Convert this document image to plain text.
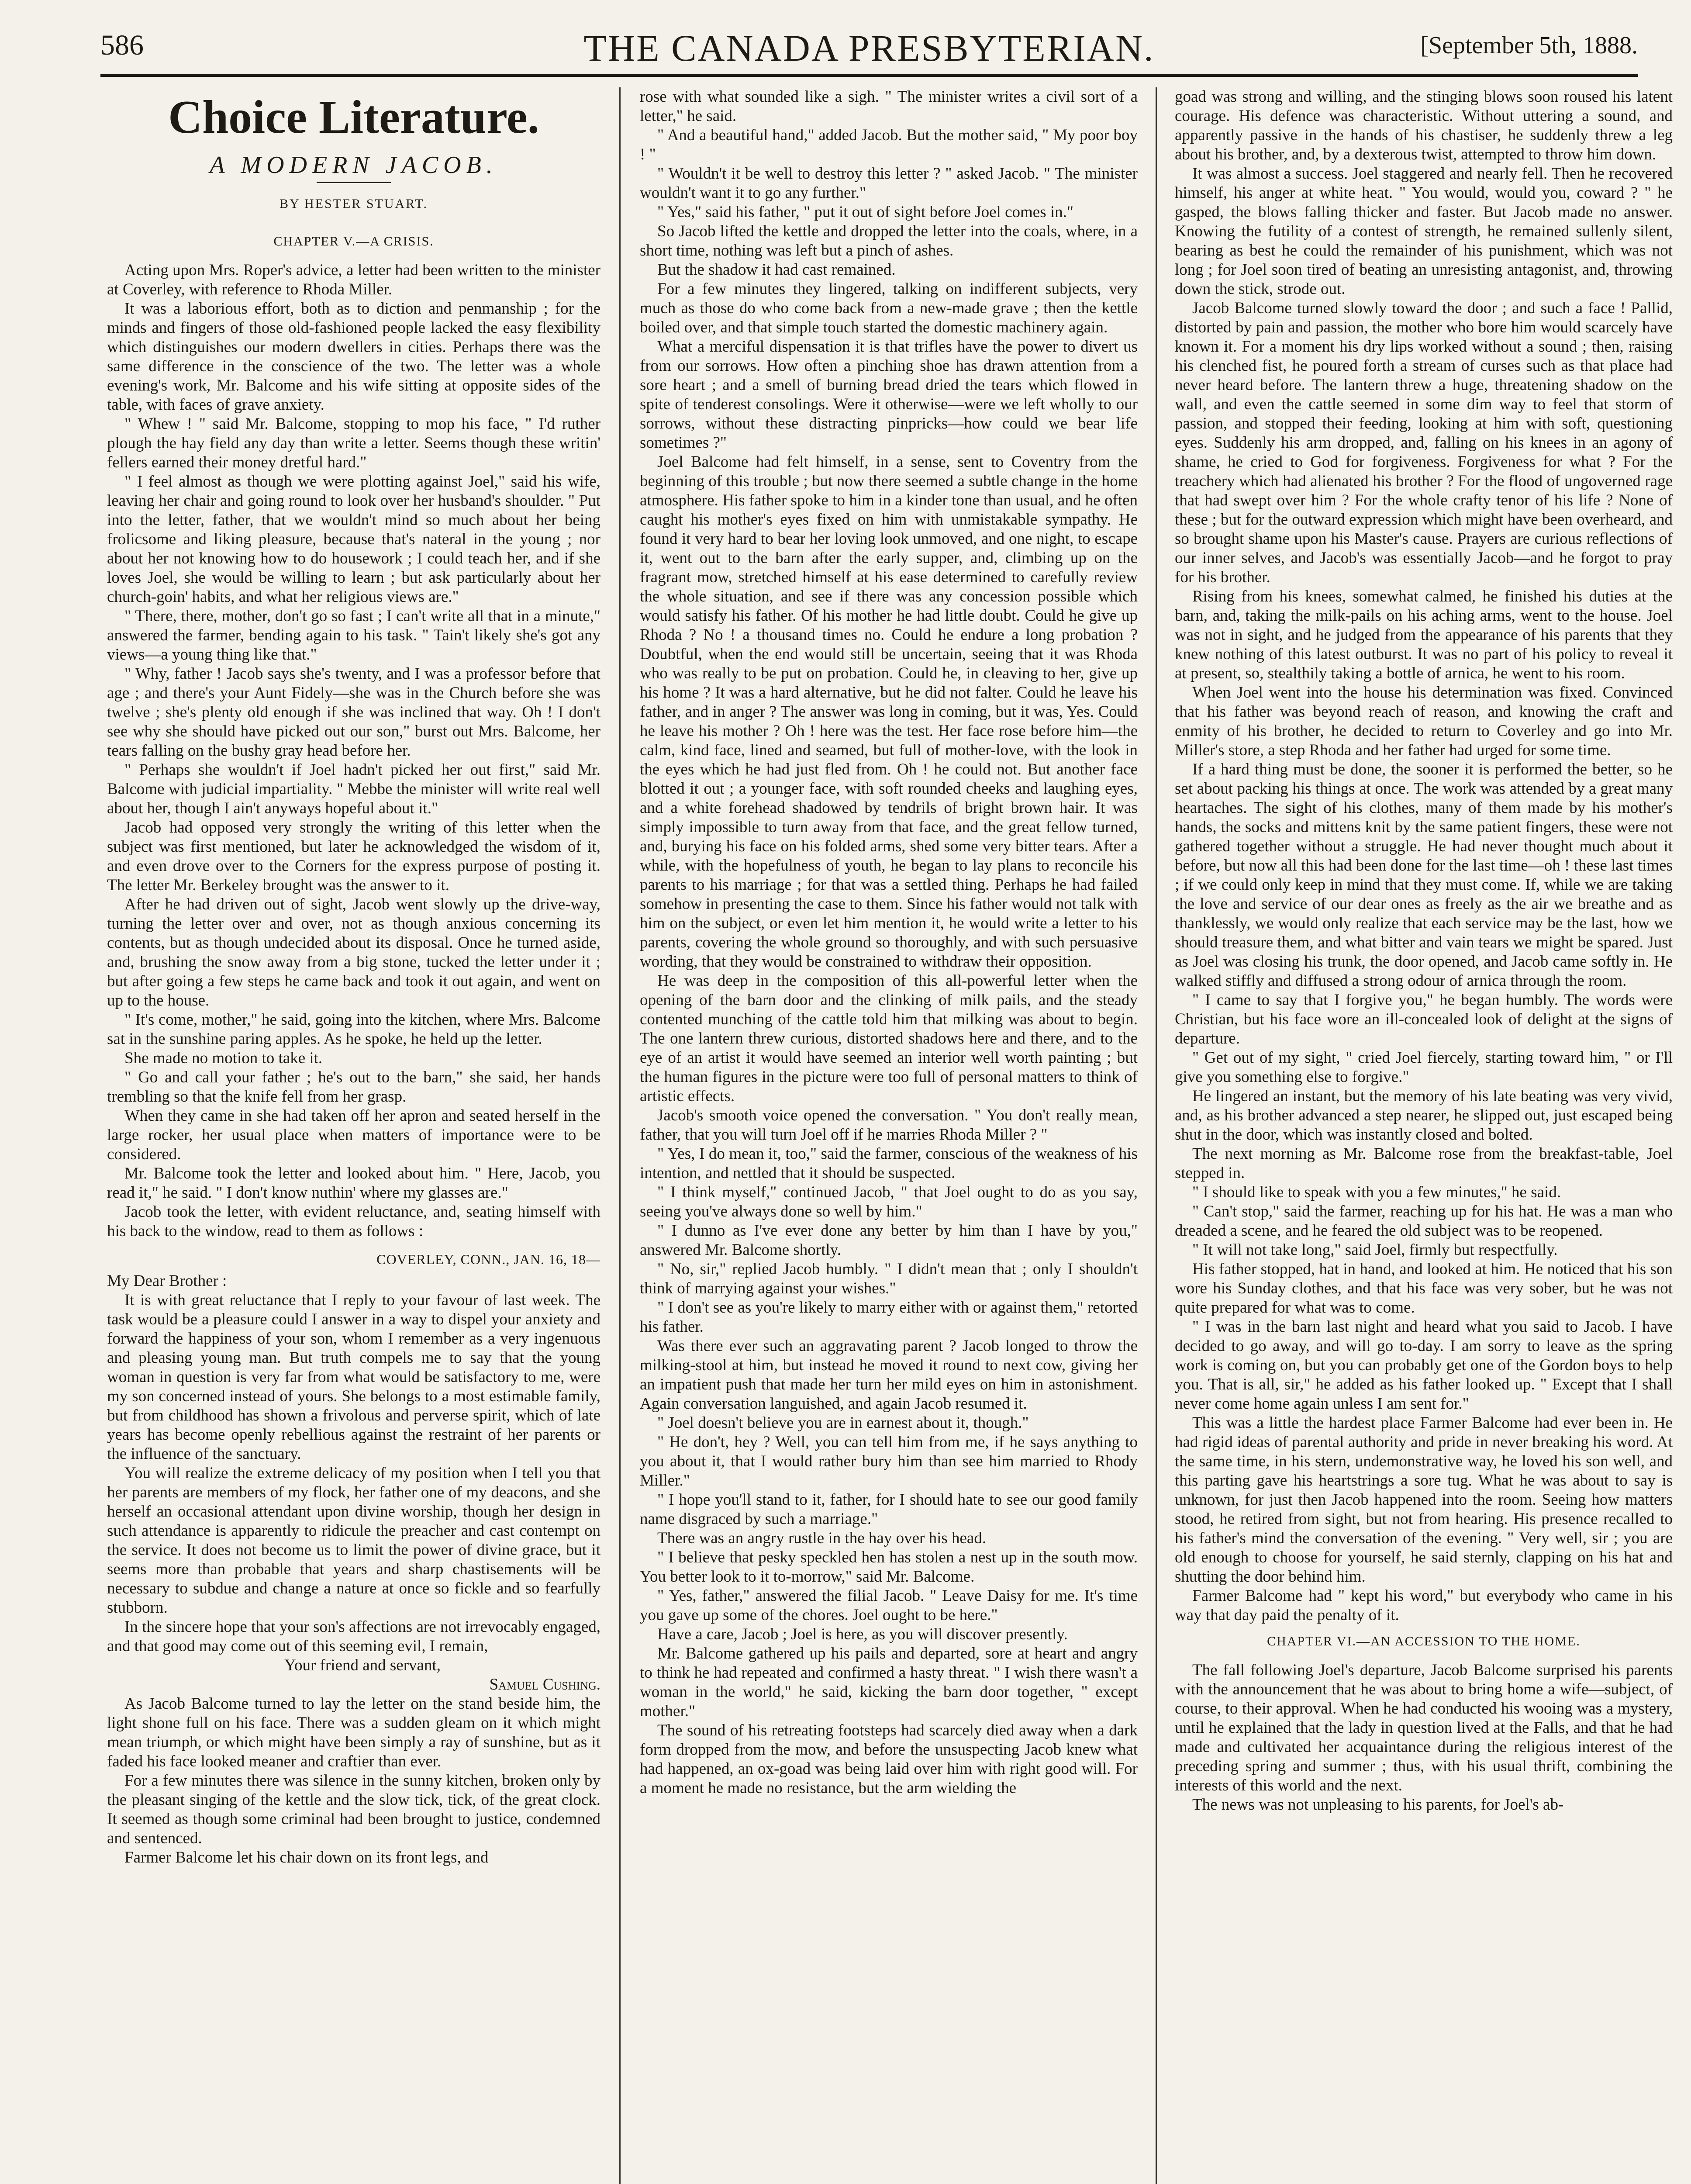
586	THE CANADA PRESBYTERIAN.	[September 5th, 1888.
Choice Literature.
A MODERN JACOB.
BY HESTER STUART.
CHAPTER V.—A CRISIS.

Acting upon Mrs. Roper's advice, a letter had been written to the minister at Coverley, with reference to Rhoda Miller.

It was a laborious effort, both as to diction and penmanship ; for the minds and fingers of those old-fashioned people lacked the easy flexibility which distinguishes our modern dwellers in cities. Perhaps there was the same difference in the conscience of the two. The letter was a whole evening's work, Mr. Balcome and his wife sitting at opposite sides of the table, with faces of grave anxiety.

" Whew ! " said Mr. Balcome, stopping to mop his face, " I'd ruther plough the hay field any day than write a letter. Seems though these writin' fellers earned their money dretful hard."

" I feel almost as though we were plotting against Joel," said his wife, leaving her chair and going round to look over her husband's shoulder. " Put into the letter, father, that we wouldn't mind so much about her being frolicsome and liking pleasure, because that's nateral in the young ; nor about her not knowing how to do housework ; I could teach her, and if she loves Joel, she would be willing to learn ; but ask particularly about her church-goin' habits, and what her religious views are."

" There, there, mother, don't go so fast ; I can't write all that in a minute," answered the farmer, bending again to his task. " Tain't likely she's got any views—a young thing like that."

" Why, father ! Jacob says she's twenty, and I was a professor before that age ; and there's your Aunt Fidely—she was in the Church before she was twelve ; she's plenty old enough if she was inclined that way. Oh ! I don't see why she should have picked out our son," burst out Mrs. Balcome, her tears falling on the bushy gray head before her.

" Perhaps she wouldn't if Joel hadn't picked her out first," said Mr. Balcome with judicial impartiality. " Mebbe the minister will write real well about her, though I ain't anyways hopeful about it."

Jacob had opposed very strongly the writing of this letter when the subject was first mentioned, but later he acknowledged the wisdom of it, and even drove over to the Corners for the express purpose of posting it. The letter Mr. Berkeley brought was the answer to it.

After he had driven out of sight, Jacob went slowly up the drive-way, turning the letter over and over, not as though anxious concerning its contents, but as though undecided about its disposal. Once he turned aside, and, brushing the snow away from a big stone, tucked the letter under it ; but after going a few steps he came back and took it out again, and went on up to the house.

" It's come, mother," he said, going into the kitchen, where Mrs. Balcome sat in the sunshine paring apples. As he spoke, he held up the letter.

She made no motion to take it.

" Go and call your father ; he's out to the barn," she said, her hands trembling so that the knife fell from her grasp.

When they came in she had taken off her apron and seated herself in the large rocker, her usual place when matters of importance were to be considered.

Mr. Balcome took the letter and looked about him. " Here, Jacob, you read it," he said. " I don't know nuthin' where my glasses are."

Jacob took the letter, with evident reluctance, and, seating himself with his back to the window, read to them as follows :

COVERLEY, CONN., JAN. 16, 18—

My Dear Brother :

It is with great reluctance that I reply to your favour of last week. The task would be a pleasure could I answer in a way to dispel your anxiety and forward the happiness of your son, whom I remember as a very ingenuous and pleasing young man. But truth compels me to say that the young woman in question is very far from what would be satisfactory to me, were my son concerned instead of yours. She belongs to a most estimable family, but from childhood has shown a frivolous and perverse spirit, which of late years has become openly rebellious against the restraint of her parents or the influence of the sanctuary.

You will realize the extreme delicacy of my position when I tell you that her parents are members of my flock, her father one of my deacons, and she herself an occasional attendant upon divine worship, though her design in such attendance is apparently to ridicule the preacher and cast contempt on the service. It does not become us to limit the power of divine grace, but it seems more than probable that years and sharp chastisements will be necessary to subdue and change a nature at once so fickle and so fearfully stubborn.

In the sincere hope that your son's affections are not irrevocably engaged, and that good may come out of this seeming evil, I remain,

Your friend and servant,

Samuel Cushing.

As Jacob Balcome turned to lay the letter on the stand beside him, the light shone full on his face. There was a sudden gleam on it which might mean triumph, or which might have been simply a ray of sunshine, but as it faded his face looked meaner and craftier than ever.

For a few minutes there was silence in the sunny kitchen, broken only by the pleasant singing of the kettle and the slow tick, tick, of the great clock. It seemed as though some criminal had been brought to justice, condemned and sentenced.

Farmer Balcome let his chair down on its front legs, and

rose with what sounded like a sigh. " The minister writes a civil sort of a letter," he said.

" And a beautiful hand," added Jacob. But the mother said, " My poor boy ! "

" Wouldn't it be well to destroy this letter ? " asked Jacob. " The minister wouldn't want it to go any further."

" Yes," said his father, " put it out of sight before Joel comes in."

So Jacob lifted the kettle and dropped the letter into the coals, where, in a short time, nothing was left but a pinch of ashes.

But the shadow it had cast remained.

For a few minutes they lingered, talking on indifferent subjects, very much as those do who come back from a new-made grave ; then the kettle boiled over, and that simple touch started the domestic machinery again.

What a merciful dispensation it is that trifles have the power to divert us from our sorrows. How often a pinching shoe has drawn attention from a sore heart ; and a smell of burning bread dried the tears which flowed in spite of tenderest consolings. Were it otherwise—were we left wholly to our sorrows, without these distracting pinpricks—how could we bear life sometimes ?"

Joel Balcome had felt himself, in a sense, sent to Coventry from the beginning of this trouble ; but now there seemed a subtle change in the home atmosphere. His father spoke to him in a kinder tone than usual, and he often caught his mother's eyes fixed on him with unmistakable sympathy. He found it very hard to bear her loving look unmoved, and one night, to escape it, went out to the barn after the early supper, and, climbing up on the fragrant mow, stretched himself at his ease determined to carefully review the whole situation, and see if there was any concession possible which would satisfy his father. Of his mother he had little doubt. Could he give up Rhoda ? No ! a thousand times no. Could he endure a long probation ? Doubtful, when the end would still be uncertain, seeing that it was Rhoda who was really to be put on probation. Could he, in cleaving to her, give up his home ? It was a hard alternative, but he did not falter. Could he leave his father, and in anger ? The answer was long in coming, but it was, Yes. Could he leave his mother ? Oh ! here was the test. Her face rose before him—the calm, kind face, lined and seamed, but full of mother-love, with the look in the eyes which he had just fled from. Oh ! he could not. But another face blotted it out ; a younger face, with soft rounded cheeks and laughing eyes, and a white forehead shadowed by tendrils of bright brown hair. It was simply impossible to turn away from that face, and the great fellow turned, and, burying his face on his folded arms, shed some very bitter tears. After a while, with the hopefulness of youth, he began to lay plans to reconcile his parents to his marriage ; for that was a settled thing. Perhaps he had failed somehow in presenting the case to them. Since his father would not talk with him on the subject, or even let him mention it, he would write a letter to his parents, covering the whole ground so thoroughly, and with such persuasive wording, that they would be constrained to withdraw their opposition.

He was deep in the composition of this all-powerful letter when the opening of the barn door and the clinking of milk pails, and the steady contented munching of the cattle told him that milking was about to begin. The one lantern threw curious, distorted shadows here and there, and to the eye of an artist it would have seemed an interior well worth painting ; but the human figures in the picture were too full of personal matters to think of artistic effects.

Jacob's smooth voice opened the conversation. " You don't really mean, father, that you will turn Joel off if he marries Rhoda Miller ? "

" Yes, I do mean it, too," said the farmer, conscious of the weakness of his intention, and nettled that it should be suspected.

" I think myself," continued Jacob, " that Joel ought to do as you say, seeing you've always done so well by him."

" I dunno as I've ever done any better by him than I have by you," answered Mr. Balcome shortly.

" No, sir," replied Jacob humbly. " I didn't mean that ; only I shouldn't think of marrying against your wishes."

" I don't see as you're likely to marry either with or against them," retorted his father.

Was there ever such an aggravating parent ? Jacob longed to throw the milking-stool at him, but instead he moved it round to next cow, giving her an impatient push that made her turn her mild eyes on him in astonishment. Again conversation languished, and again Jacob resumed it.

" Joel doesn't believe you are in earnest about it, though."

" He don't, hey ? Well, you can tell him from me, if he says anything to you about it, that I would rather bury him than see him married to Rhody Miller."

" I hope you'll stand to it, father, for I should hate to see our good family name disgraced by such a marriage."

There was an angry rustle in the hay over his head.

" I believe that pesky speckled hen has stolen a nest up in the south mow. You better look to it to-morrow," said Mr. Balcome.

" Yes, father," answered the filial Jacob. " Leave Daisy for me. It's time you gave up some of the chores. Joel ought to be here."

Have a care, Jacob ; Joel is here, as you will discover presently.

Mr. Balcome gathered up his pails and departed, sore at heart and angry to think he had repeated and confirmed a hasty threat. " I wish there wasn't a woman in the world," he said, kicking the barn door together, " except mother."

The sound of his retreating footsteps had scarcely died away when a dark form dropped from the mow, and before the unsuspecting Jacob knew what had happened, an ox-goad was being laid over him with right good will. For a moment he made no resistance, but the arm wielding the

goad was strong and willing, and the stinging blows soon roused his latent courage. His defence was characteristic. Without uttering a sound, and apparently passive in the hands of his chastiser, he suddenly threw a leg about his brother, and, by a dexterous twist, attempted to throw him down.

It was almost a success. Joel staggered and nearly fell. Then he recovered himself, his anger at white heat. " You would, would you, coward ? " he gasped, the blows falling thicker and faster. But Jacob made no answer. Knowing the futility of a contest of strength, he remained sullenly silent, bearing as best he could the remainder of his punishment, which was not long ; for Joel soon tired of beating an unresisting antagonist, and, throwing down the stick, strode out.

Jacob Balcome turned slowly toward the door ; and such a face ! Pallid, distorted by pain and passion, the mother who bore him would scarcely have known it. For a moment his dry lips worked without a sound ; then, raising his clenched fist, he poured forth a stream of curses such as that place had never heard before. The lantern threw a huge, threatening shadow on the wall, and even the cattle seemed in some dim way to feel that storm of passion, and stopped their feeding, looking at him with soft, questioning eyes. Suddenly his arm dropped, and, falling on his knees in an agony of shame, he cried to God for forgiveness. Forgiveness for what ? For the treachery which had alienated his brother ? For the flood of ungoverned rage that had swept over him ? For the whole crafty tenor of his life ? None of these ; but for the outward expression which might have been overheard, and so brought shame upon his Master's cause. Prayers are curious reflections of our inner selves, and Jacob's was essentially Jacob—and he forgot to pray for his brother.

Rising from his knees, somewhat calmed, he finished his duties at the barn, and, taking the milk-pails on his aching arms, went to the house. Joel was not in sight, and he judged from the appearance of his parents that they knew nothing of this latest outburst. It was no part of his policy to reveal it at present, so, stealthily taking a bottle of arnica, he went to his room.

When Joel went into the house his determination was fixed. Convinced that his father was beyond reach of reason, and knowing the craft and enmity of his brother, he decided to return to Coverley and go into Mr. Miller's store, a step Rhoda and her father had urged for some time.

If a hard thing must be done, the sooner it is performed the better, so he set about packing his things at once. The work was attended by a great many heartaches. The sight of his clothes, many of them made by his mother's hands, the socks and mittens knit by the same patient fingers, these were not gathered together without a struggle. He had never thought much about it before, but now all this had been done for the last time—oh ! these last times ; if we could only keep in mind that they must come. If, while we are taking the love and service of our dear ones as freely as the air we breathe and as thanklessly, we would only realize that each service may be the last, how we should treasure them, and what bitter and vain tears we might be spared. Just as Joel was closing his trunk, the door opened, and Jacob came softly in. He walked stiffly and diffused a strong odour of arnica through the room.

" I came to say that I forgive you," he began humbly. The words were Christian, but his face wore an ill-concealed look of delight at the signs of departure.

" Get out of my sight, " cried Joel fiercely, starting toward him, " or I'll give you something else to forgive."

He lingered an instant, but the memory of his late beating was very vivid, and, as his brother advanced a step nearer, he slipped out, just escaped being shut in the door, which was instantly closed and bolted.

The next morning as Mr. Balcome rose from the breakfast-table, Joel stepped in.

" I should like to speak with you a few minutes," he said.

" Can't stop," said the farmer, reaching up for his hat. He was a man who dreaded a scene, and he feared the old subject was to be reopened.

" It will not take long," said Joel, firmly but respectfully.

His father stopped, hat in hand, and looked at him. He noticed that his son wore his Sunday clothes, and that his face was very sober, but he was not quite prepared for what was to come.

" I was in the barn last night and heard what you said to Jacob. I have decided to go away, and will go to-day. I am sorry to leave as the spring work is coming on, but you can probably get one of the Gordon boys to help you. That is all, sir," he added as his father looked up. " Except that I shall never come home again unless I am sent for."

This was a little the hardest place Farmer Balcome had ever been in. He had rigid ideas of parental authority and pride in never breaking his word. At the same time, in his stern, undemonstrative way, he loved his son well, and this parting gave his heartstrings a sore tug. What he was about to say is unknown, for just then Jacob happened into the room. Seeing how matters stood, he retired from sight, but not from hearing. His presence recalled to his father's mind the conversation of the evening. " Very well, sir ; you are old enough to choose for yourself, he said sternly, clapping on his hat and shutting the door behind him.

Farmer Balcome had " kept his word," but everybody who came in his way that day paid the penalty of it.

CHAPTER VI.—AN ACCESSION TO THE HOME.

The fall following Joel's departure, Jacob Balcome surprised his parents with the announcement that he was about to bring home a wife—subject, of course, to their approval. When he had conducted his wooing was a mystery, until he explained that the lady in question lived at the Falls, and that he had made and cultivated her acquaintance during the religious interest of the preceding spring and summer ; thus, with his usual thrift, combining the interests of this world and the next.

The news was not unpleasing to his parents, for Joel's ab-
